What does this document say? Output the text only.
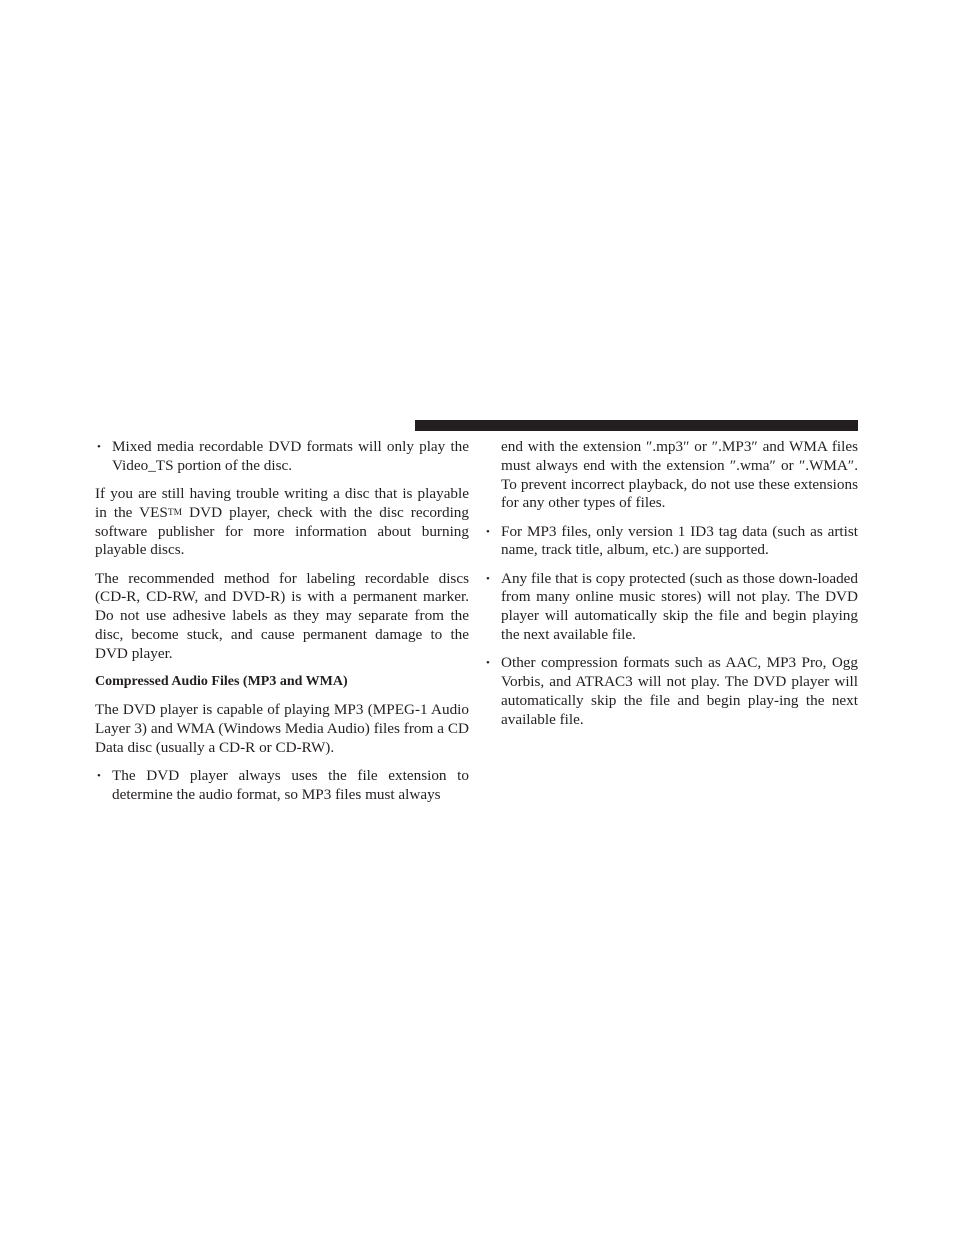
• Mixed media recordable DVD formats will only play the Video_TS portion of the disc.

If you are still having trouble writing a disc that is playable in the VESTM DVD player, check with the disc recording software publisher for more information about burning playable discs.

The recommended method for labeling recordable discs (CD-R, CD-RW, and DVD-R) is with a permanent marker. Do not use adhesive labels as they may separate from the disc, become stuck, and cause permanent damage to the DVD player.

Compressed Audio Files (MP3 and WMA)

The DVD player is capable of playing MP3 (MPEG-1 Audio Layer 3) and WMA (Windows Media Audio) files from a CD Data disc (usually a CD-R or CD-RW).

• The DVD player always uses the file extension to determine the audio format, so MP3 files must always

end with the extension ″.mp3″ or ″.MP3″ and WMA files must always end with the extension ″.wma″ or ″.WMA″. To prevent incorrect playback, do not use these extensions for any other types of files.

• For MP3 files, only version 1 ID3 tag data (such as artist name, track title, album, etc.) are supported.
• Any file that is copy protected (such as those down-loaded from many online music stores) will not play. The DVD player will automatically skip the file and begin playing the next available file.
• Other compression formats such as AAC, MP3 Pro, Ogg Vorbis, and ATRAC3 will not play. The DVD player will automatically skip the file and begin play-ing the next available file.
